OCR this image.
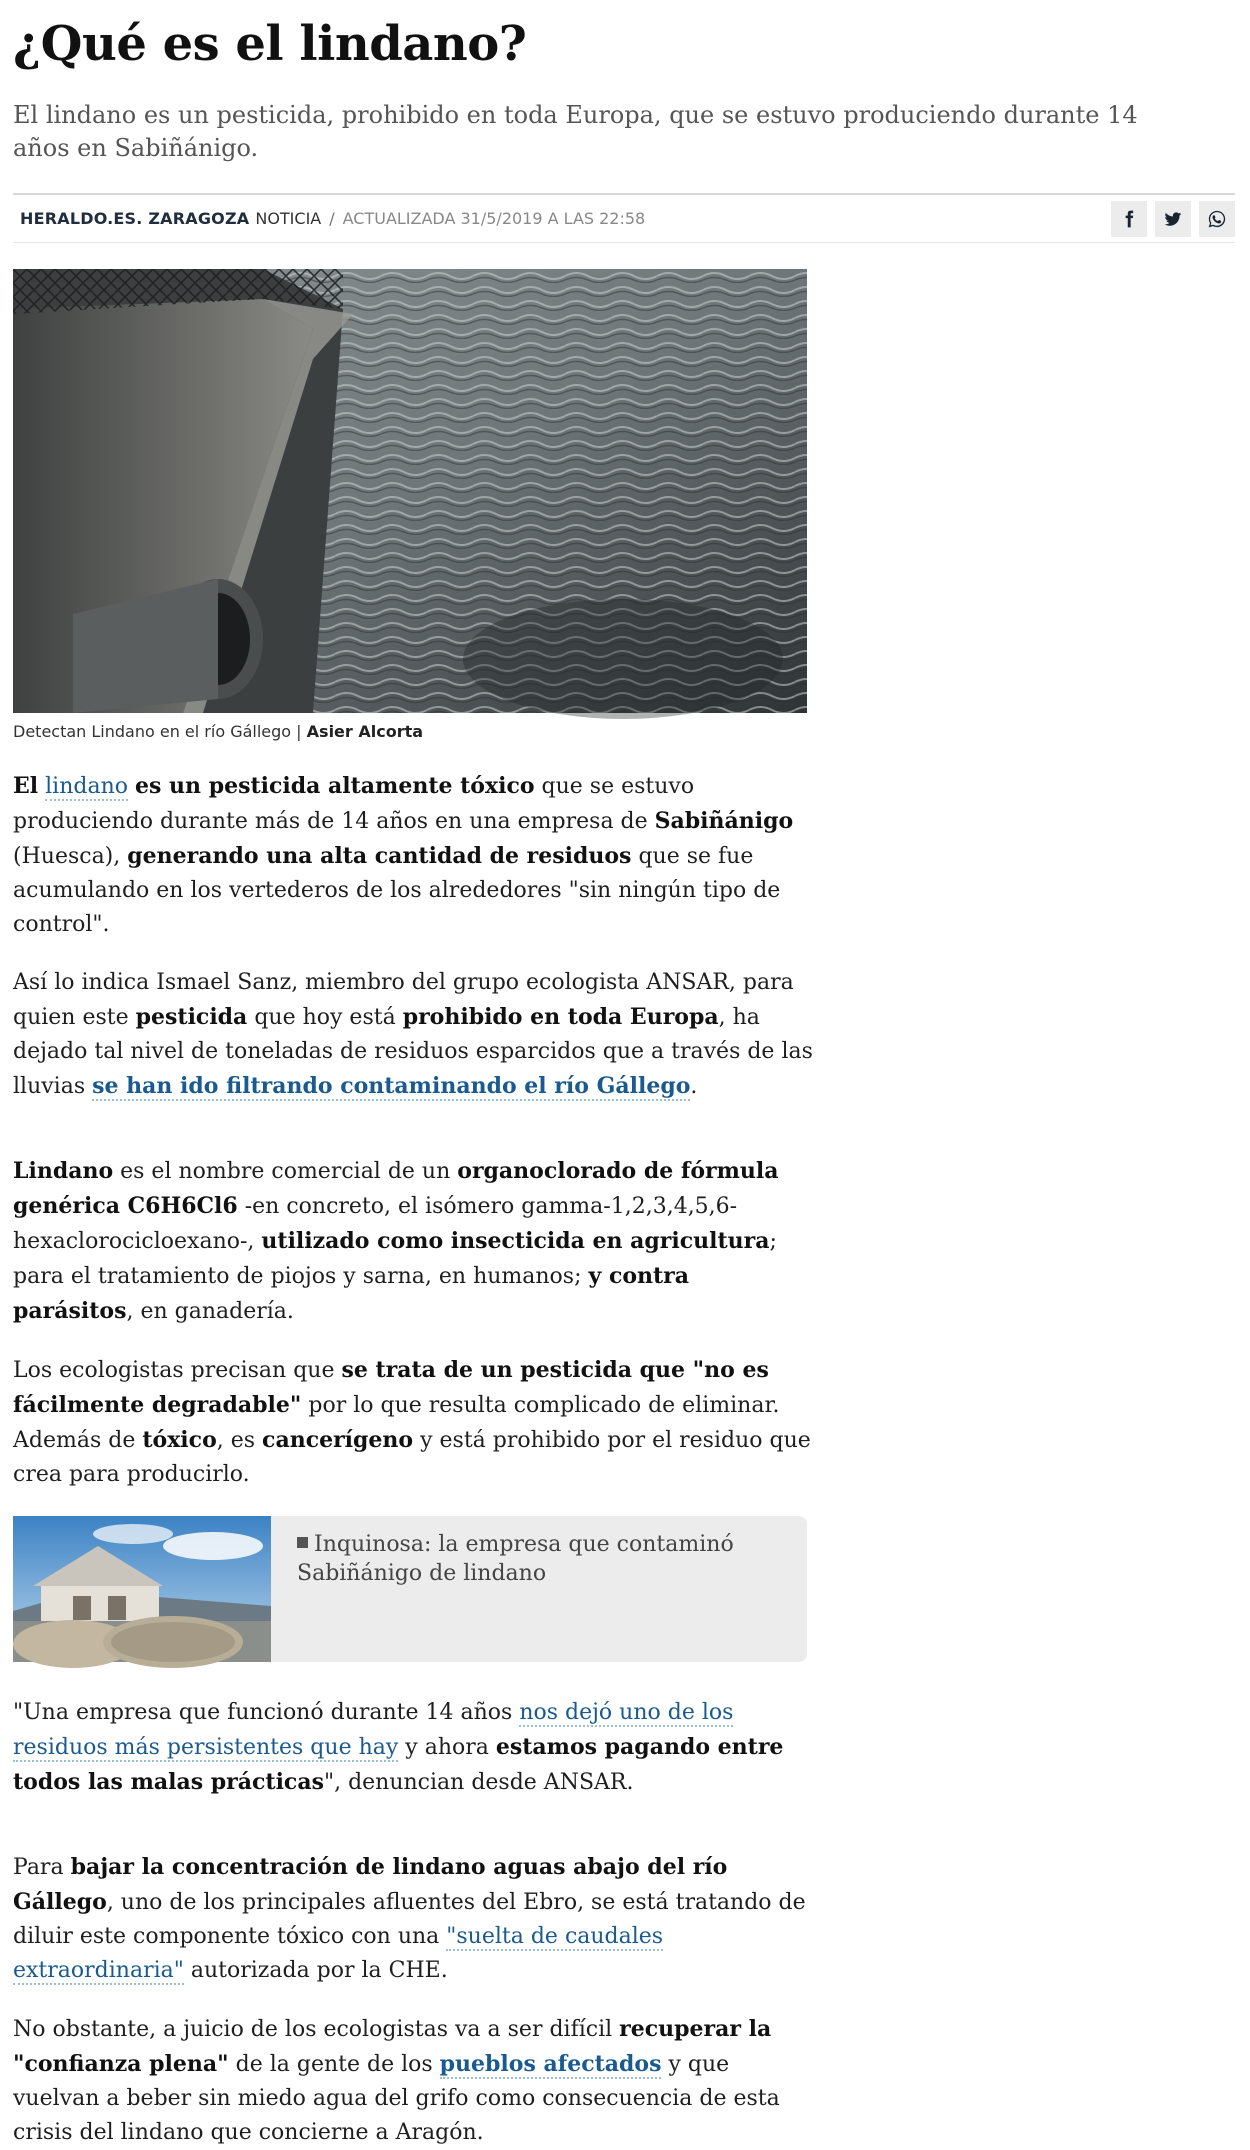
¿Qué es el lindano?

El lindano es un pesticida, prohibido en toda Europa, que se estuvo produciendo durante 14 años en Sabiñánigo.

HERALDO.ES. ZARAGOZA NOTICIA / ACTUALIZADA 31/5/2019 A LAS 22:58
Detectan Lindano en el río Gállego | Asier Alcorta

El lindano es un pesticida altamente tóxico que se estuvo produciendo durante más de 14 años en una empresa de Sabiñánigo (Huesca), generando una alta cantidad de residuos que se fue acumulando en los vertederos de los alrededores "sin ningún tipo de control".

Así lo indica Ismael Sanz, miembro del grupo ecologista ANSAR, para quien este pesticida que hoy está prohibido en toda Europa, ha dejado tal nivel de toneladas de residuos esparcidos que a través de las lluvias se han ido filtrando contaminando el río Gállego.

Lindano es el nombre comercial de un organoclorado de fórmula genérica C6H6Cl6 -en concreto, el isómero gamma-1,2,3,4,5,6-hexaclorociclоexano-, utilizado como insecticida en agricultura; para el tratamiento de piojos y sarna, en humanos; y contra parásitos, en ganadería.

Los ecologistas precisan que se trata de un pesticida que "no es fácilmente degradable" por lo que resulta complicado de eliminar. Además de tóxico, es cancerígeno y está prohibido por el residuo que crea para producirlo.

Inquinosa: la empresa que contaminó Sabiñánigo de lindano

"Una empresa que funcionó durante 14 años nos dejó uno de los residuos más persistentes que hay y ahora estamos pagando entre todos las malas prácticas", denuncian desde ANSAR.

Para bajar la concentración de lindano aguas abajo del río Gállego, uno de los principales afluentes del Ebro, se está tratando de diluir este componente tóxico con una "suelta de caudales extraordinaria" autorizada por la CHE.

No obstante, a juicio de los ecologistas va a ser difícil recuperar la "confianza plena" de la gente de los pueblos afectados y que vuelvan a beber sin miedo agua del grifo como consecuencia de esta crisis del lindano que concierne a Aragón.
